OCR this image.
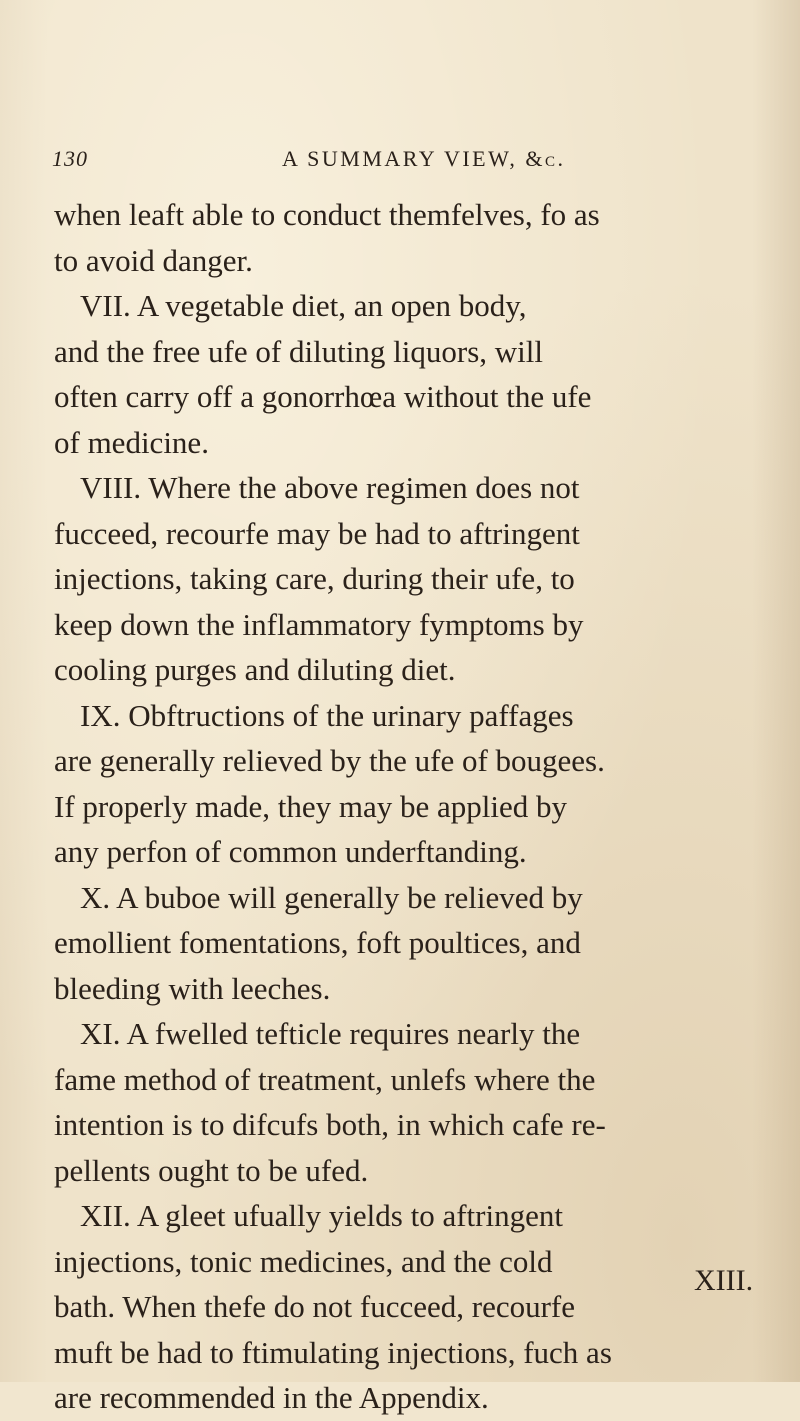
130	A SUMMARY VIEW, &c.
when leaft able to conduct themfelves, fo as
to avoid danger.
VII. A vegetable diet, an open body,
and the free ufe of diluting liquors, will
often carry off a gonorrhœa without the ufe
of medicine.
VIII. Where the above regimen does not
fucceed, recourfe may be had to aftringent
injections, taking care, during their ufe, to
keep down the inflammatory fymptoms by
cooling purges and diluting diet.
IX. Obftructions of the urinary paffages
are generally relieved by the ufe of bougees.
If properly made, they may be applied by
any perfon of common underftanding.
X. A buboe will generally be relieved by
emollient fomentations, foft poultices, and
bleeding with leeches.
XI. A fwelled tefticle requires nearly the
fame method of treatment, unlefs where the
intention is to difcufs both, in which cafe re-
pellents ought to be ufed.
XII. A gleet ufually yields to aftringent
injections, tonic medicines, and the cold
bath. When thefe do not fucceed, recourfe
muft be had to ftimulating injections, fuch as
are recommended in the Appendix.
XIII.
